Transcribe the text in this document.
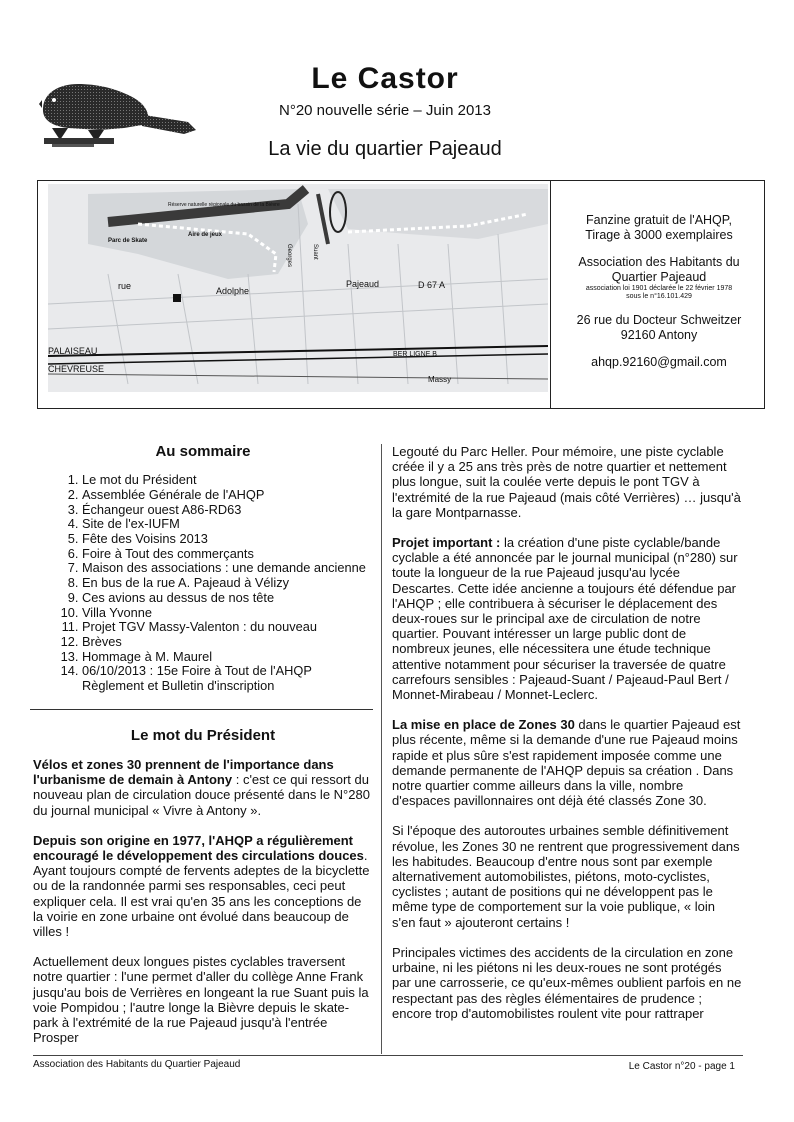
Le Castor
N°20 nouvelle série – Juin 2013
La vie du quartier Pajeaud
Réserve naturelle régionale du bassin de la Bièvre
Parc de Skate
Aire de jeux
rue	Adolphe
Pajeaud	D 67 A
Georges	Suant
PALAISEAU
CHEVREUSE
BER LIGNE B
Massy
Fanzine gratuit de l'AHQP,
Tirage à 3000 exemplaires
Association des Habitants du
Quartier Pajeaud
association loi 1901 déclarée le 22 février 1978
sous le n°16.101.429
26 rue du Docteur Schweitzer
92160 Antony
ahqp.92160@gmail.com
Au sommaire
1. Le mot du Président
2. Assemblée Générale de l'AHQP
3. Échangeur ouest A86-RD63
4. Site de l'ex-IUFM
5. Fête des Voisins 2013
6. Foire à Tout des commerçants
7. Maison des associations : une demande ancienne
8. En bus de la rue A. Pajeaud à Vélizy
9. Ces avions au dessus de nos tête
10. Villa Yvonne
11. Projet TGV Massy-Valenton : du nouveau
12. Brèves
13. Hommage à M. Maurel
14. 06/10/2013 : 15e Foire à Tout de l'AHQP
Règlement et Bulletin d'inscription
Le mot du Président

Vélos et zones 30 prennent de l'importance dans l'urbanisme de demain à Antony : c'est ce qui ressort du nouveau plan de circulation douce présenté dans le N°280 du journal municipal « Vivre à Antony ».

Depuis son origine en 1977, l'AHQP a régulièrement encouragé le développement des circulations douces. Ayant toujours compté de fervents adeptes de la bicyclette ou de la randonnée parmi ses responsables, ceci peut expliquer cela. Il est vrai qu'en 35 ans les conceptions de la voirie en zone urbaine ont évolué dans beaucoup de villes !

Actuellement deux longues pistes cyclables traversent notre quartier : l'une permet d'aller du collège Anne Frank jusqu'au bois de Verrières en longeant la rue Suant puis la voie Pompidou ; l'autre longe la Bièvre depuis le skate-park à l'extrémité de la rue Pajeaud jusqu'à l'entrée Prosper

Legouté du Parc Heller. Pour mémoire, une piste cyclable créée il y a 25 ans très près de notre quartier et nettement plus longue, suit la coulée verte depuis le pont TGV à l'extrémité de la rue Pajeaud (mais côté Verrières) … jusqu'à la gare Montparnasse.

Projet important : la création d'une piste cyclable/bande cyclable a été annoncée par le journal municipal (n°280) sur toute la longueur de la rue Pajeaud jusqu'au lycée Descartes. Cette idée ancienne a toujours été défendue par l'AHQP ; elle contribuera à sécuriser le déplacement des deux-roues sur le principal axe de circulation de notre quartier. Pouvant intéresser un large public dont de nombreux jeunes, elle nécessitera une étude technique attentive notamment pour sécuriser la traversée de quatre carrefours sensibles : Pajeaud-Suant / Pajeaud-Paul Bert / Monnet-Mirabeau / Monnet-Leclerc.

La mise en place de Zones 30 dans le quartier Pajeaud est plus récente, même si la demande d'une rue Pajeaud moins rapide et plus sûre s'est rapidement imposée comme une demande permanente de l'AHQP depuis sa création . Dans notre quartier comme ailleurs dans la ville, nombre d'espaces pavillonnaires ont déjà été classés Zone 30.

Si l'époque des autoroutes urbaines semble définitivement révolue, les Zones 30 ne rentrent que progressivement dans les habitudes. Beaucoup d'entre nous sont par exemple alternativement automobilistes, piétons, moto-cyclistes, cyclistes ; autant de positions qui ne développent pas le même type de comportement sur la voie publique, « loin s'en faut » ajouteront certains !

Principales victimes des accidents de la circulation en zone urbaine, ni les piétons ni les deux-roues ne sont protégés par une carrosserie, ce qu'eux-mêmes oublient parfois en ne respectant pas des règles élémentaires de prudence ; encore trop d'automobilistes roulent vite pour rattraper

Association des Habitants du Quartier Pajeaud	Le Castor n°20 - page 1
